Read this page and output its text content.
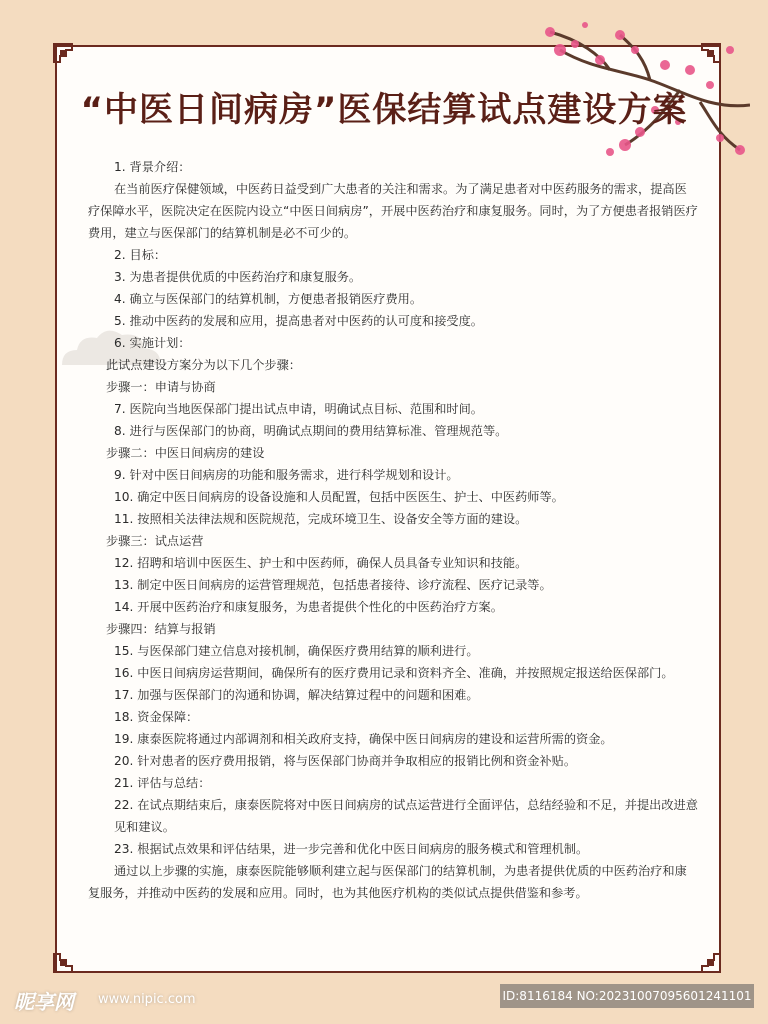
“中医日间病房”医保结算试点建设方案

1. 背景介绍：

在当前医疗保健领域，中医药日益受到广大患者的关注和需求。为了满足患者对中医药服务的需求，提高医疗保障水平，医院决定在医院内设立“中医日间病房”，开展中医药治疗和康复服务。同时，为了方便患者报销医疗费用，建立与医保部门的结算机制是必不可少的。

2. 目标：

3. 为患者提供优质的中医药治疗和康复服务。

4. 确立与医保部门的结算机制，方便患者报销医疗费用。

5. 推动中医药的发展和应用，提高患者对中医药的认可度和接受度。

6. 实施计划：

此试点建设方案分为以下几个步骤：

步骤一：申请与协商

7. 医院向当地医保部门提出试点申请，明确试点目标、范围和时间。

8. 进行与医保部门的协商，明确试点期间的费用结算标准、管理规范等。

步骤二：中医日间病房的建设

9. 针对中医日间病房的功能和服务需求，进行科学规划和设计。

10. 确定中医日间病房的设备设施和人员配置，包括中医医生、护士、中医药师等。

11. 按照相关法律法规和医院规范，完成环境卫生、设备安全等方面的建设。

步骤三：试点运营

12. 招聘和培训中医医生、护士和中医药师，确保人员具备专业知识和技能。

13. 制定中医日间病房的运营管理规范，包括患者接待、诊疗流程、医疗记录等。

14. 开展中医药治疗和康复服务，为患者提供个性化的中医药治疗方案。

步骤四：结算与报销

15. 与医保部门建立信息对接机制，确保医疗费用结算的顺利进行。

16. 中医日间病房运营期间，确保所有的医疗费用记录和资料齐全、准确，并按照规定报送给医保部门。

17. 加强与医保部门的沟通和协调，解决结算过程中的问题和困难。

18. 资金保障：

19. 康泰医院将通过内部调剂和相关政府支持，确保中医日间病房的建设和运营所需的资金。

20. 针对患者的医疗费用报销，将与医保部门协商并争取相应的报销比例和资金补贴。

21. 评估与总结：

22. 在试点期结束后，康泰医院将对中医日间病房的试点运营进行全面评估，总结经验和不足，并提出改进意见和建议。

23. 根据试点效果和评估结果，进一步完善和优化中医日间病房的服务模式和管理机制。

通过以上步骤的实施，康泰医院能够顺利建立起与医保部门的结算机制，为患者提供优质的中医药治疗和康复服务，并推动中医药的发展和应用。同时，也为其他医疗机构的类似试点提供借鉴和参考。

昵享网 www.nipic.com	ID:8116184 NO:20231007095601241101
